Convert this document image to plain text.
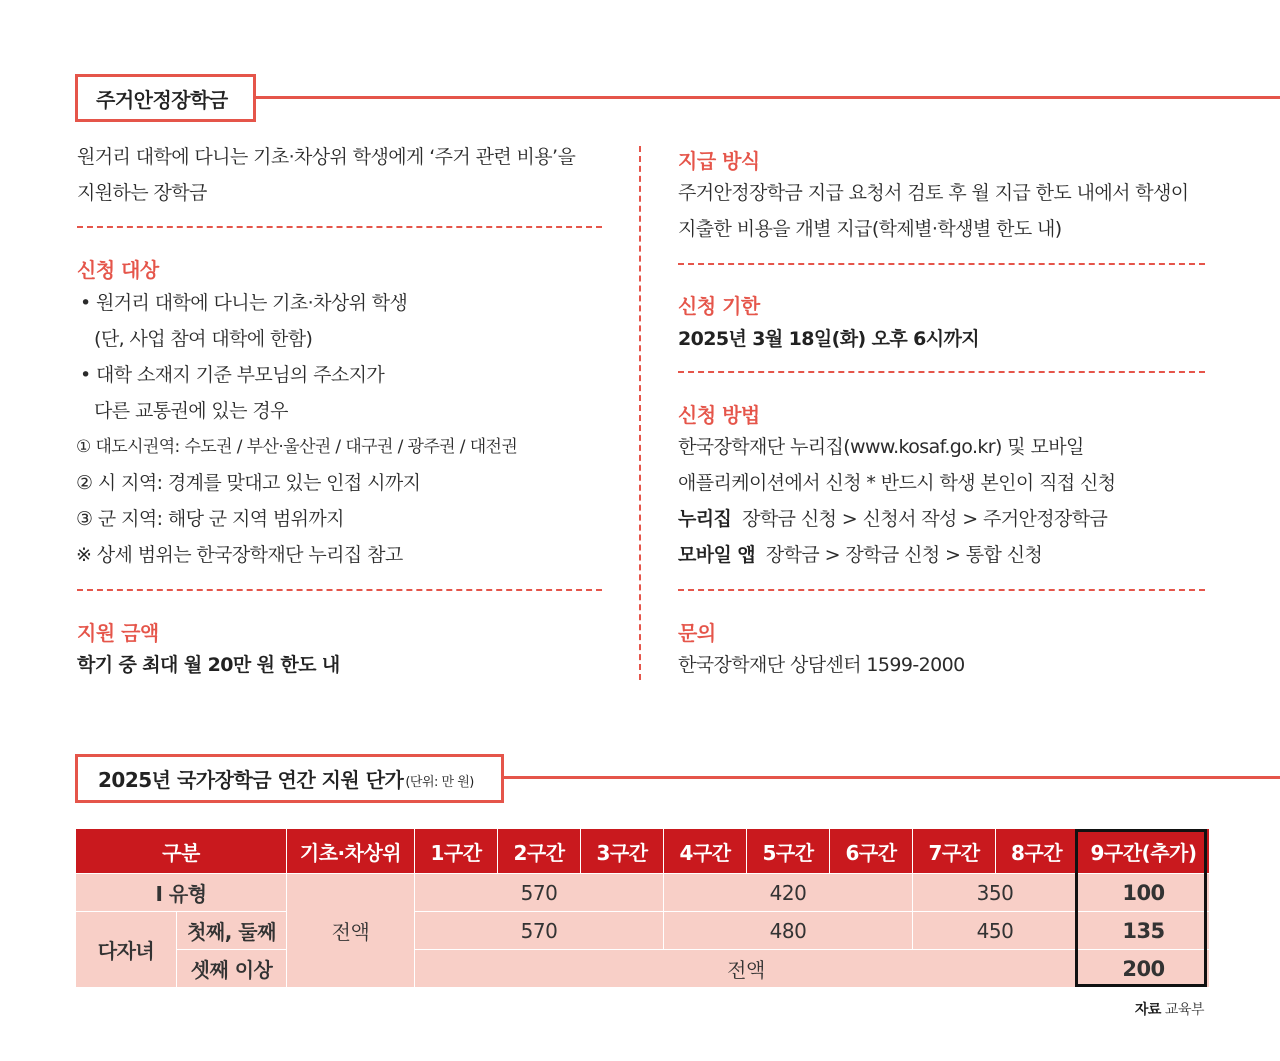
주거안정장학금
원거리 대학에 다니는 기초·차상위 학생에게 ‘주거 관련 비용’을
지원하는 장학금
신청 대상
• 원거리 대학에 다니는 기초·차상위 학생
(단, 사업 참여 대학에 한함)
• 대학 소재지 기준 부모님의 주소지가
다른 교통권에 있는 경우
① 대도시권역: 수도권 / 부산·울산권 / 대구권 / 광주권 / 대전권
② 시 지역: 경계를 맞대고 있는 인접 시까지
③ 군 지역: 해당 군 지역 범위까지
※ 상세 범위는 한국장학재단 누리집 참고
지원 금액
학기 중 최대 월 20만 원 한도 내
지급 방식
주거안정장학금 지급 요청서 검토 후 월 지급 한도 내에서 학생이
지출한 비용을 개별 지급(학제별·학생별 한도 내)
신청 기한
2025년 3월 18일(화) 오후 6시까지
신청 방법
한국장학재단 누리집(www.kosaf.go.kr) 및 모바일
애플리케이션에서 신청 * 반드시 학생 본인이 직접 신청
누리집 장학금 신청 > 신청서 작성 > 주거안정장학금
모바일 앱 장학금 > 장학금 신청 > 통합 신청
문의
한국장학재단 상담센터 1599-2000
2025년 국가장학금 연간 지원 단가 (단위: 만 원)
구분		기초·차상위	1구간	2구간	3구간	4구간	5구간	6구간	7구간	8구간	9구간(추가)
I 유형		전액	570			420			350		100
다자녀	첫째, 둘째		570			480			450		135
	셋째 이상		전액								200
자료 교육부
